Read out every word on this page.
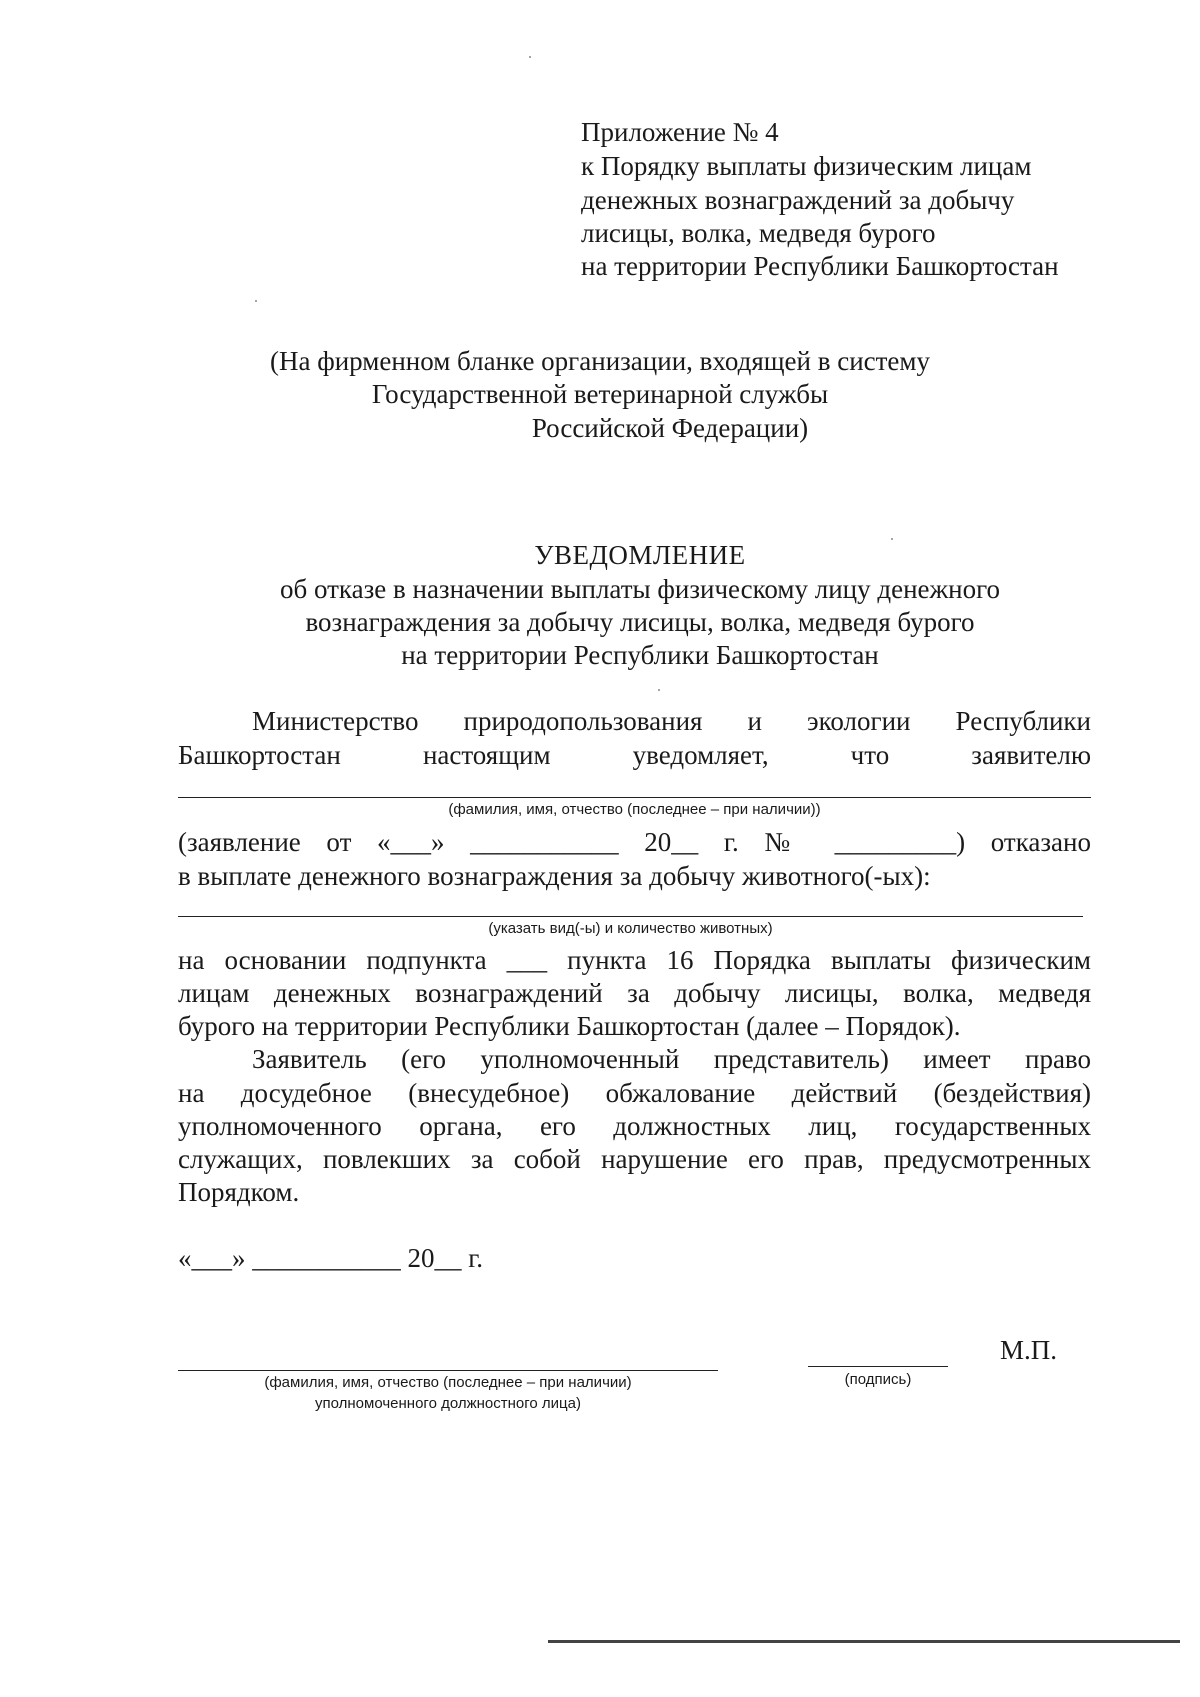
Приложение № 4
к Порядку выплаты физическим лицам
денежных вознаграждений за добычу
лисицы, волка, медведя бурого
на территории Республики Башкортостан
(На фирменном бланке организации, входящей в систему
Государственной ветеринарной службы
Российской Федерации)
УВЕДОМЛЕНИЕ
об отказе в назначении выплаты физическому лицу денежного
вознаграждения за добычу лисицы, волка, медведя бурого
на территории Республики Башкортостан
Министерство природопользования и экологии Республики
Башкортостан настоящим уведомляет, что заявителю
(фамилия, имя, отчество (последнее – при наличии))
(заявление от «___» ___________ 20__ г. № _________) отказано
в выплате денежного вознаграждения за добычу животного(-ых):
(указать вид(-ы) и количество животных)
на основании подпункта ___ пункта 16 Порядка выплаты физическим
лицам денежных вознаграждений за добычу лисицы, волка, медведя
бурого на территории Республики Башкортостан (далее – Порядок).
Заявитель (его уполномоченный представитель) имеет право
на досудебное (внесудебное) обжалование действий (бездействия)
уполномоченного органа, его должностных лиц, государственных
служащих, повлекших за собой нарушение его прав, предусмотренных
Порядком.
«___» ___________ 20__ г.
М.П.
(фамилия, имя, отчество (последнее – при наличии)
уполномоченного должностного лица)
(подпись)
